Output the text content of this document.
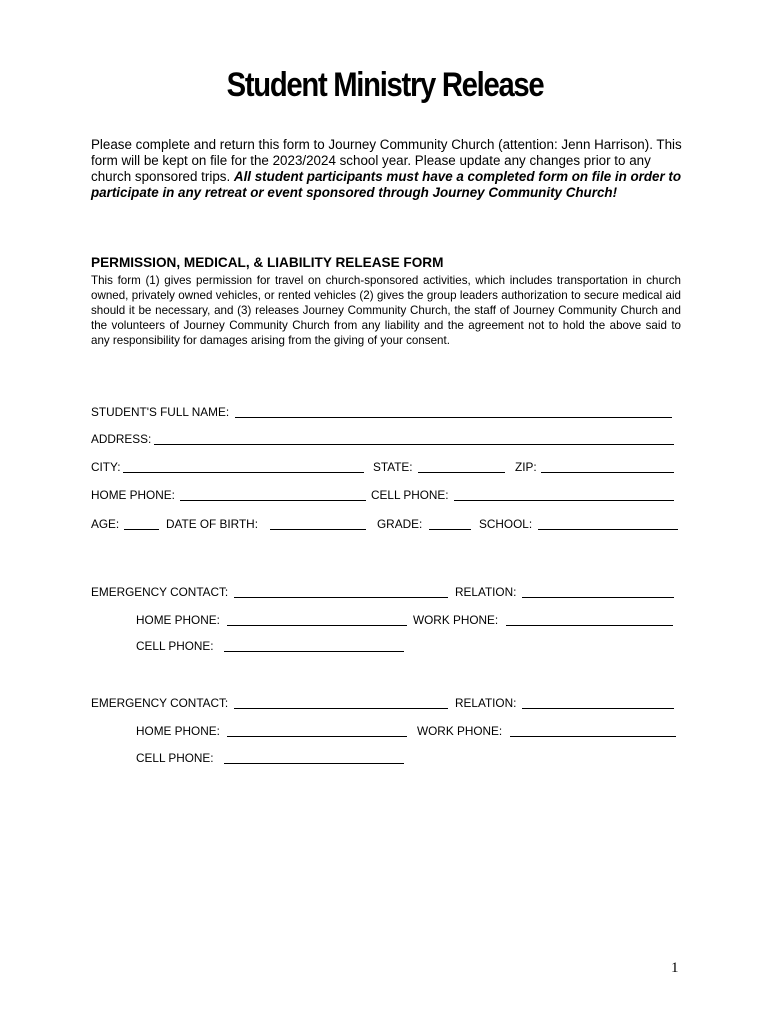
Student Ministry Release

Please complete and return this form to Journey Community Church (attention: Jenn Harrison). This form will be kept on file for the 2023/2024 school year. Please update any changes prior to any church sponsored trips. All student participants must have a completed form on file in order to participate in any retreat or event sponsored through Journey Community Church!

PERMISSION, MEDICAL, & LIABILITY RELEASE FORM

This form (1) gives permission for travel on church-sponsored activities, which includes transportation in church owned, privately owned vehicles, or rented vehicles (2) gives the group leaders authorization to secure medical aid should it be necessary, and (3) releases Journey Community Church, the staff of Journey Community Church and the volunteers of Journey Community Church from any liability and the agreement not to hold the above said to any responsibility for damages arising from the giving of your consent.

STUDENT'S FULL NAME:
ADDRESS:
CITY:	STATE:	ZIP:
HOME PHONE:	CELL PHONE:
AGE:	DATE OF BIRTH:	GRADE:	SCHOOL:
EMERGENCY CONTACT:	RELATION:
HOME PHONE:	WORK PHONE:
CELL PHONE:
EMERGENCY CONTACT:	RELATION:
HOME PHONE:	WORK PHONE:
CELL PHONE:
1
